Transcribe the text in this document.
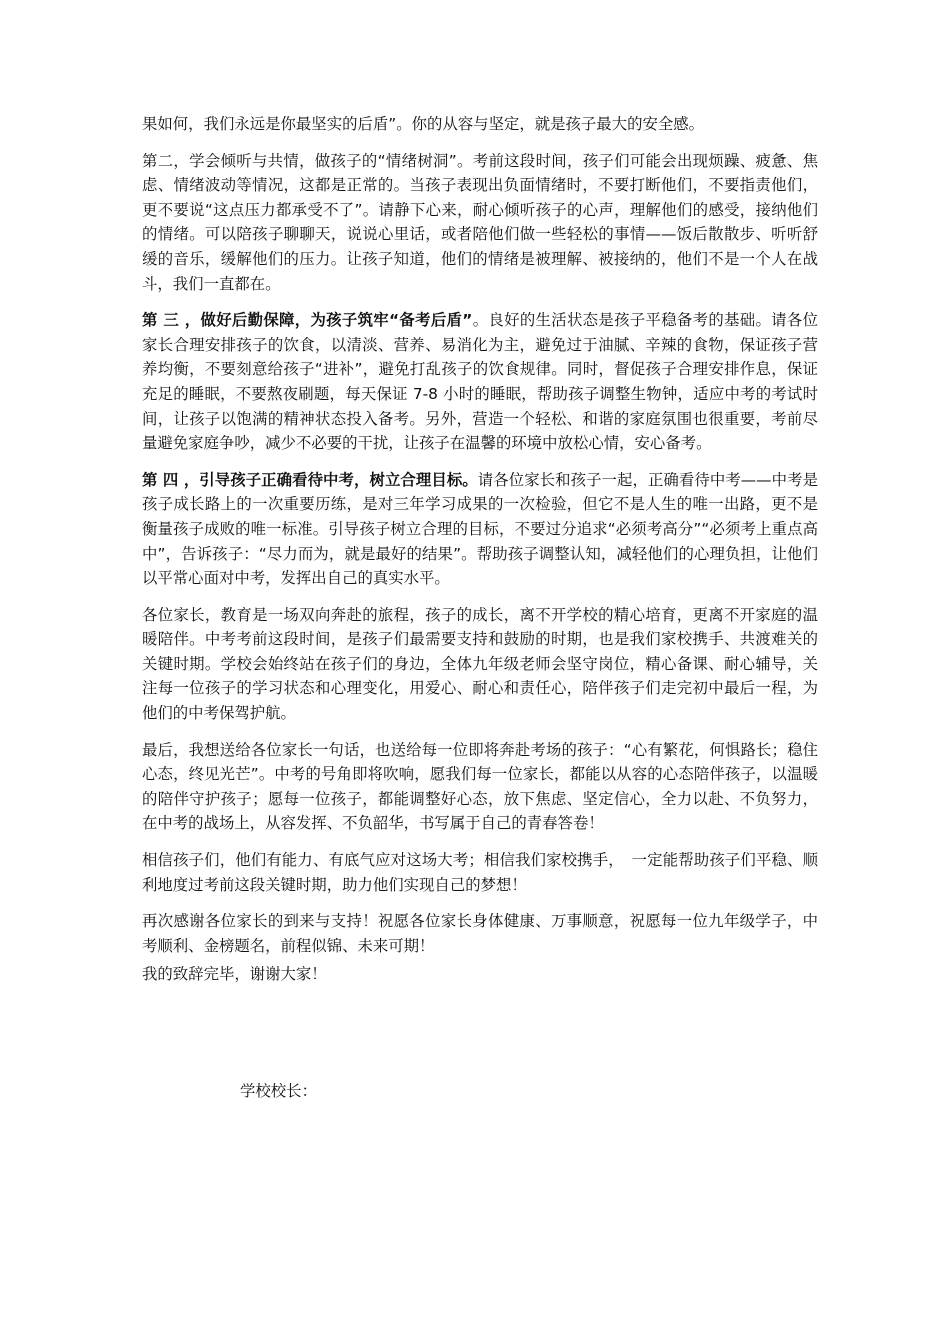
果如何，我们永远是你最坚实的后盾”。你的从容与坚定，就是孩子最大的安全感。

第二，学会倾听与共情，做孩子的“情绪树洞”。考前这段时间，孩子们可能会出现烦躁、疲惫、焦虑、情绪波动等情况，这都是正常的。当孩子表现出负面情绪时，不要打断他们，不要指责他们，更不要说“这点压力都承受不了”。请静下心来，耐心倾听孩子的心声，理解他们的感受，接纳他们的情绪。可以陪孩子聊聊天，说说心里话，或者陪他们做一些轻松的事情——饭后散散步、听听舒缓的音乐，缓解他们的压力。让孩子知道，他们的情绪是被理解、被接纳的，他们不是一个人在战斗，我们一直都在。

第 三 ，做好后勤保障，为孩子筑牢“备考后盾”。良好的生活状态是孩子平稳备考的基础。请各位家长合理安排孩子的饮食，以清淡、营养、易消化为主，避免过于油腻、辛辣的食物，保证孩子营养均衡，不要刻意给孩子“进补”，避免打乱孩子的饮食规律。同时，督促孩子合理安排作息，保证充足的睡眠，不要熬夜刷题，每天保证 7-8 小时的睡眠，帮助孩子调整生物钟，适应中考的考试时间，让孩子以饱满的精神状态投入备考。另外，营造一个轻松、和谐的家庭氛围也很重要，考前尽量避免家庭争吵，减少不必要的干扰，让孩子在温馨的环境中放松心情，安心备考。

第 四 ，引导孩子正确看待中考，树立合理目标。请各位家长和孩子一起，正确看待中考——中考是孩子成长路上的一次重要历练，是对三年学习成果的一次检验，但它不是人生的唯一出路，更不是衡量孩子成败的唯一标准。引导孩子树立合理的目标，不要过分追求“必须考高分”“必须考上重点高中”，告诉孩子：“尽力而为，就是最好的结果”。帮助孩子调整认知，减轻他们的心理负担，让他们以平常心面对中考，发挥出自己的真实水平。

各位家长，教育是一场双向奔赴的旅程，孩子的成长，离不开学校的精心培育，更离不开家庭的温暖陪伴。中考考前这段时间，是孩子们最需要支持和鼓励的时期，也是我们家校携手、共渡难关的关键时期。学校会始终站在孩子们的身边，全体九年级老师会坚守岗位，精心备课、耐心辅导，关注每一位孩子的学习状态和心理变化，用爱心、耐心和责任心，陪伴孩子们走完初中最后一程，为他们的中考保驾护航。

最后，我想送给各位家长一句话，也送给每一位即将奔赴考场的孩子：“心有繁花，何惧路长；稳住心态，终见光芒”。中考的号角即将吹响，愿我们每一位家长，都能以从容的心态陪伴孩子，以温暖的陪伴守护孩子；愿每一位孩子，都能调整好心态，放下焦虑、坚定信心，全力以赴、不负努力，在中考的战场上，从容发挥、不负韶华，书写属于自己的青春答卷！

相信孩子们，他们有能力、有底气应对这场大考；相信我们家校携手，　一定能帮助孩子们平稳、顺利地度过考前这段关键时期，助力他们实现自己的梦想！

再次感谢各位家长的到来与支持！祝愿各位家长身体健康、万事顺意，祝愿每一位九年级学子，中考顺利、金榜题名，前程似锦、未来可期！

我的致辞完毕，谢谢大家！

学校校长：
